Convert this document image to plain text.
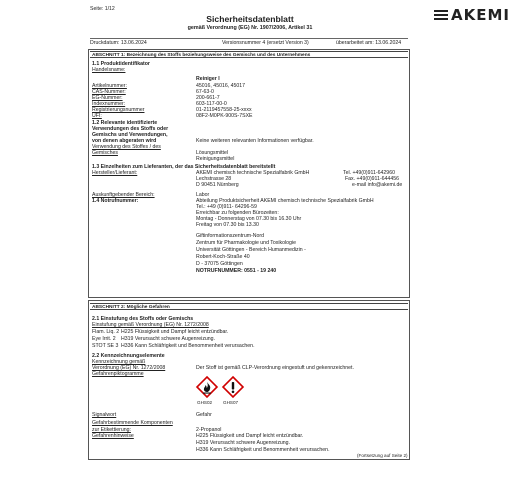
Seite: 1/12	AKEMI
Sicherheitsdatenblatt
gemäß Verordnung (EG) Nr. 1907/2006, Artikel 31
Druckdatum: 13.06.2024	Versionsnummer 4 (ersetzt Version 3)	überarbeitet am: 13.06.2024
ABSCHNITT 1: Bezeichnung des Stoffs beziehungsweise des Gemischs und des Unternehmens
1.1 Produktidentifikator
Handelsname:
Reiniger I
Artikelnummer:	45016, 45016, 45017
CAS-Nummer:	67-63-0
EG-Nummer:	200-661-7
Indexnummer:	603-117-00-0
Registrierungsnummer	01-2119457558-25-xxxx
UFI:	08F2-M0PK-900S-7SXE
1.2 Relevante identifizierte
Verwendungen des Stoffs oder
Gemischs und Verwendungen,
von denen abgeraten wird	Keine weiteren relevanten Informationen verfügbar.
Verwendung des Stoffes / des
Gemisches	Lösungsmittel
Reinigungsmittel
1.3 Einzelheiten zum Lieferanten, der das Sicherheitsdatenblatt bereitstellt
Hersteller/Lieferant:	AKEMI chemisch technische Spezialfabrik GmbH
Lechstrasse 28
D 90451 Nürnberg
Tel. +49(0)911-642960
Fax. +49(0)911-644456
e-mail info@akemi.de
Auskunftgebender Bereich:	Labor
1.4 Notrufnummer:	Abteilung Produktsicherheit AKEMI chemisch technische Spezialfabrik GmbH
Tel.: +49 (0)911- 64296-59
Erreichbar zu folgenden Bürozeiten:
Montag - Donnerstag von 07.30 bis 16.30 Uhr
Freitag von 07.30 bis 13.30
Giftinformationszentrum-Nord
Zentrum für Pharmakologie und Toxikologie
Universität Göttingen - Bereich Humanmedizin -
Robert-Koch-Straße 40
D - 37075 Göttingen
NOTRUFNUMMER: 0551 - 19 240
ABSCHNITT 2: Mögliche Gefahren
2.1 Einstufung des Stoffs oder Gemischs
Einstufung gemäß Verordnung (EG) Nr. 1272/2008
Flam. Liq. 2 H225 Flüssigkeit und Dampf leicht entzündbar.
Eye Irrit. 2 H319 Verursacht schwere Augenreizung.
STOT SE 3 H336 Kann Schläfrigkeit und Benommenheit verursachen.
2.2 Kennzeichnungselemente
Kennzeichnung gemäß
Verordnung (EG) Nr. 1272/2008	Der Stoff ist gemäß CLP-Verordnung eingestuft und gekennzeichnet.
Gefahrenpiktogramme
GHS02 GHS07
Signalwort	Gefahr
Gefahrbestimmende Komponenten
zur Etikettierung:	2-Propanol
Gefahrenhinweise	H225 Flüssigkeit und Dampf leicht entzündbar.
H319 Verursacht schwere Augenreizung.
H336 Kann Schläfrigkeit und Benommenheit verursachen.
(Fortsetzung auf Seite 2)
